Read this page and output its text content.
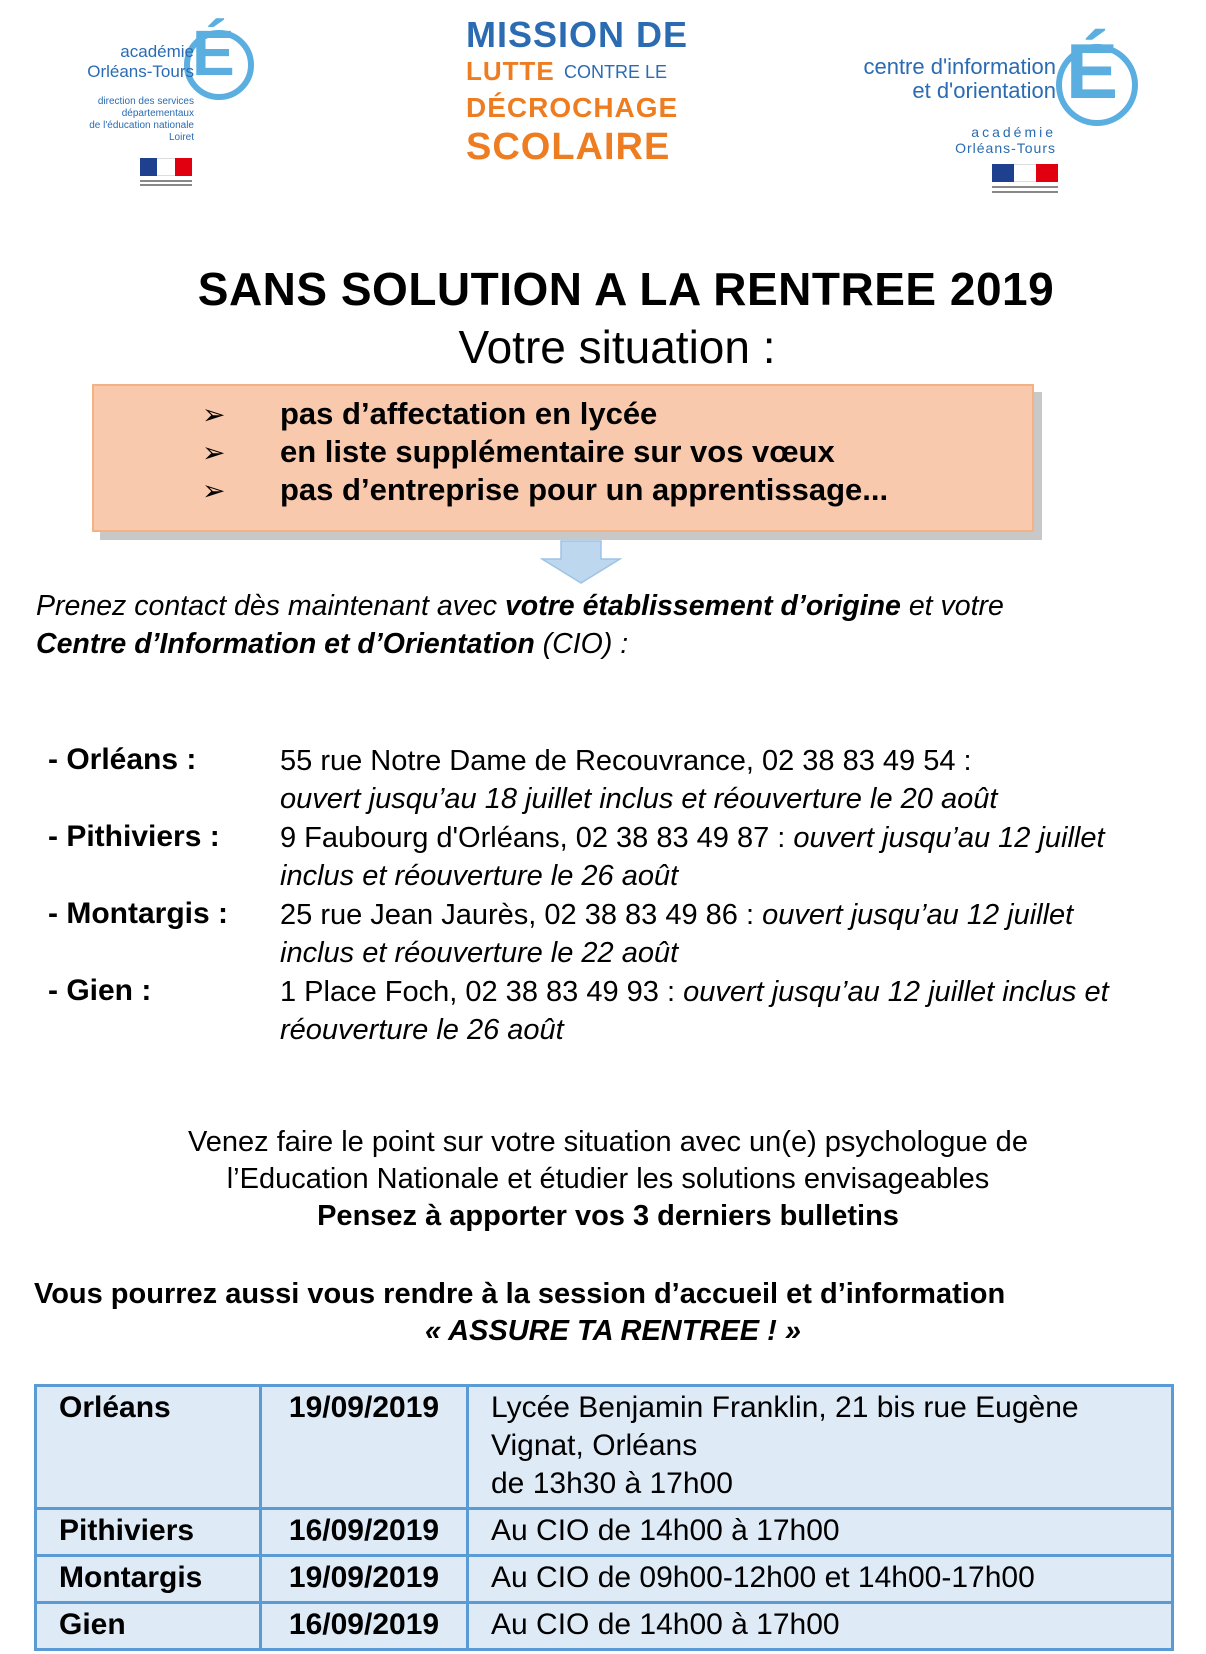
É
académie
Orléans-Tours
direction des services
départementaux
de l'éducation nationale
Loiret
MISSION DE
LUTTE CONTRE LE
DÉCROCHAGE
SCOLAIRE
É
centre d'information
et d'orientation
académie
Orléans-Tours
SANS SOLUTION A LA RENTREE 2019
Votre situation :
➢ pas d’affectation en lycée
➢ en liste supplémentaire sur vos vœux
➢ pas d’entreprise pour un apprentissage...
Prenez contact dès maintenant avec votre établissement d’origine et votre
Centre d’Information et d’Orientation (CIO) :
- Orléans :	55 rue Notre Dame de Recouvrance, 02 38 83 49 54 :
ouvert jusqu’au 18 juillet inclus et réouverture le 20 août
- Pithiviers : 9 Faubourg d'Orléans, 02 38 83 49 87 : ouvert jusqu’au 12 juillet inclus et réouverture le 26 août
- Montargis : 25 rue Jean Jaurès, 02 38 83 49 86 : ouvert jusqu’au 12 juillet inclus et réouverture le 22 août
- Gien :	1 Place Foch, 02 38 83 49 93 : ouvert jusqu’au 12 juillet inclus et réouverture le 26 août
Venez faire le point sur votre situation avec un(e) psychologue de
l’Education Nationale et étudier les solutions envisageables
Pensez à apporter vos 3 derniers bulletins
Vous pourrez aussi vous rendre à la session d’accueil et d’information
« ASSURE TA RENTREE ! »
Orléans	19/09/2019	Lycée Benjamin Franklin, 21 bis rue Eugène Vignat, Orléans
de 13h30 à 17h00
Pithiviers	16/09/2019	Au CIO de 14h00 à 17h00
Montargis	19/09/2019	Au CIO de 09h00-12h00 et 14h00-17h00
Gien	16/09/2019	Au CIO de 14h00 à 17h00
